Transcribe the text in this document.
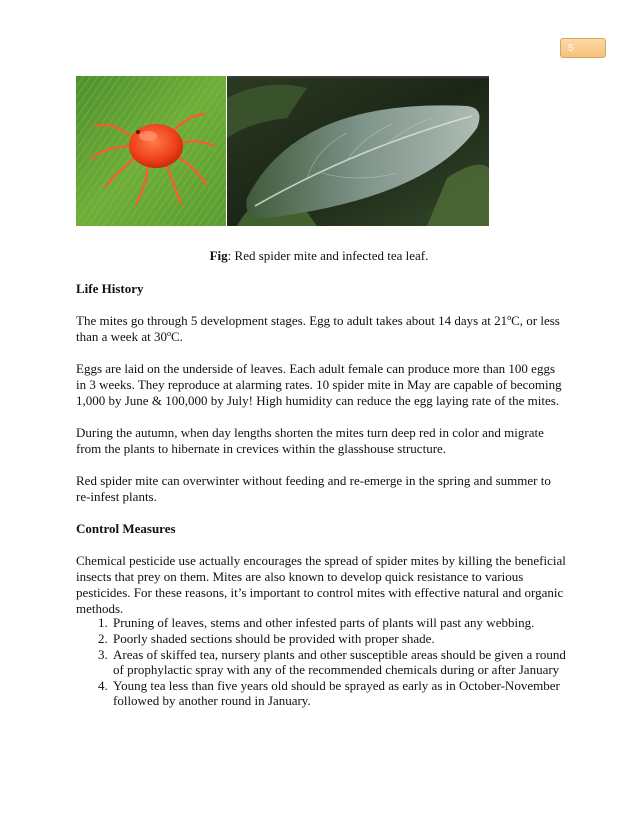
5
Fig: Red spider mite and infected tea leaf.
Life History
The mites go through 5 development stages. Egg to adult takes about 14 days at 21ºC, or less than a week at 30ºC.
Eggs are laid on the underside of leaves. Each adult female can produce more than 100 eggs in 3 weeks. They reproduce at alarming rates. 10 spider mite in May are capable of becoming 1,000 by June & 100,000 by July! High humidity can reduce the egg laying rate of the mites.
During the autumn, when day lengths shorten the mites turn deep red in color and migrate from the plants to hibernate in crevices within the glasshouse structure.
Red spider mite can overwinter without feeding and re-emerge in the spring and summer to re-infest plants.
Control Measures
Chemical pesticide use actually encourages the spread of spider mites by killing the beneficial insects that prey on them. Mites are also known to develop quick resistance to various pesticides. For these reasons, it’s important to control mites with effective natural and organic methods.
1. Pruning of leaves, stems and other infested parts of plants will past any webbing.
2. Poorly shaded sections should be provided with proper shade.
3. Areas of skiffed tea, nursery plants and other susceptible areas should be given a round of prophylactic spray with any of the recommended chemicals during or after January
4. Young tea less than five years old should be sprayed as early as in October-November followed by another round in January.
